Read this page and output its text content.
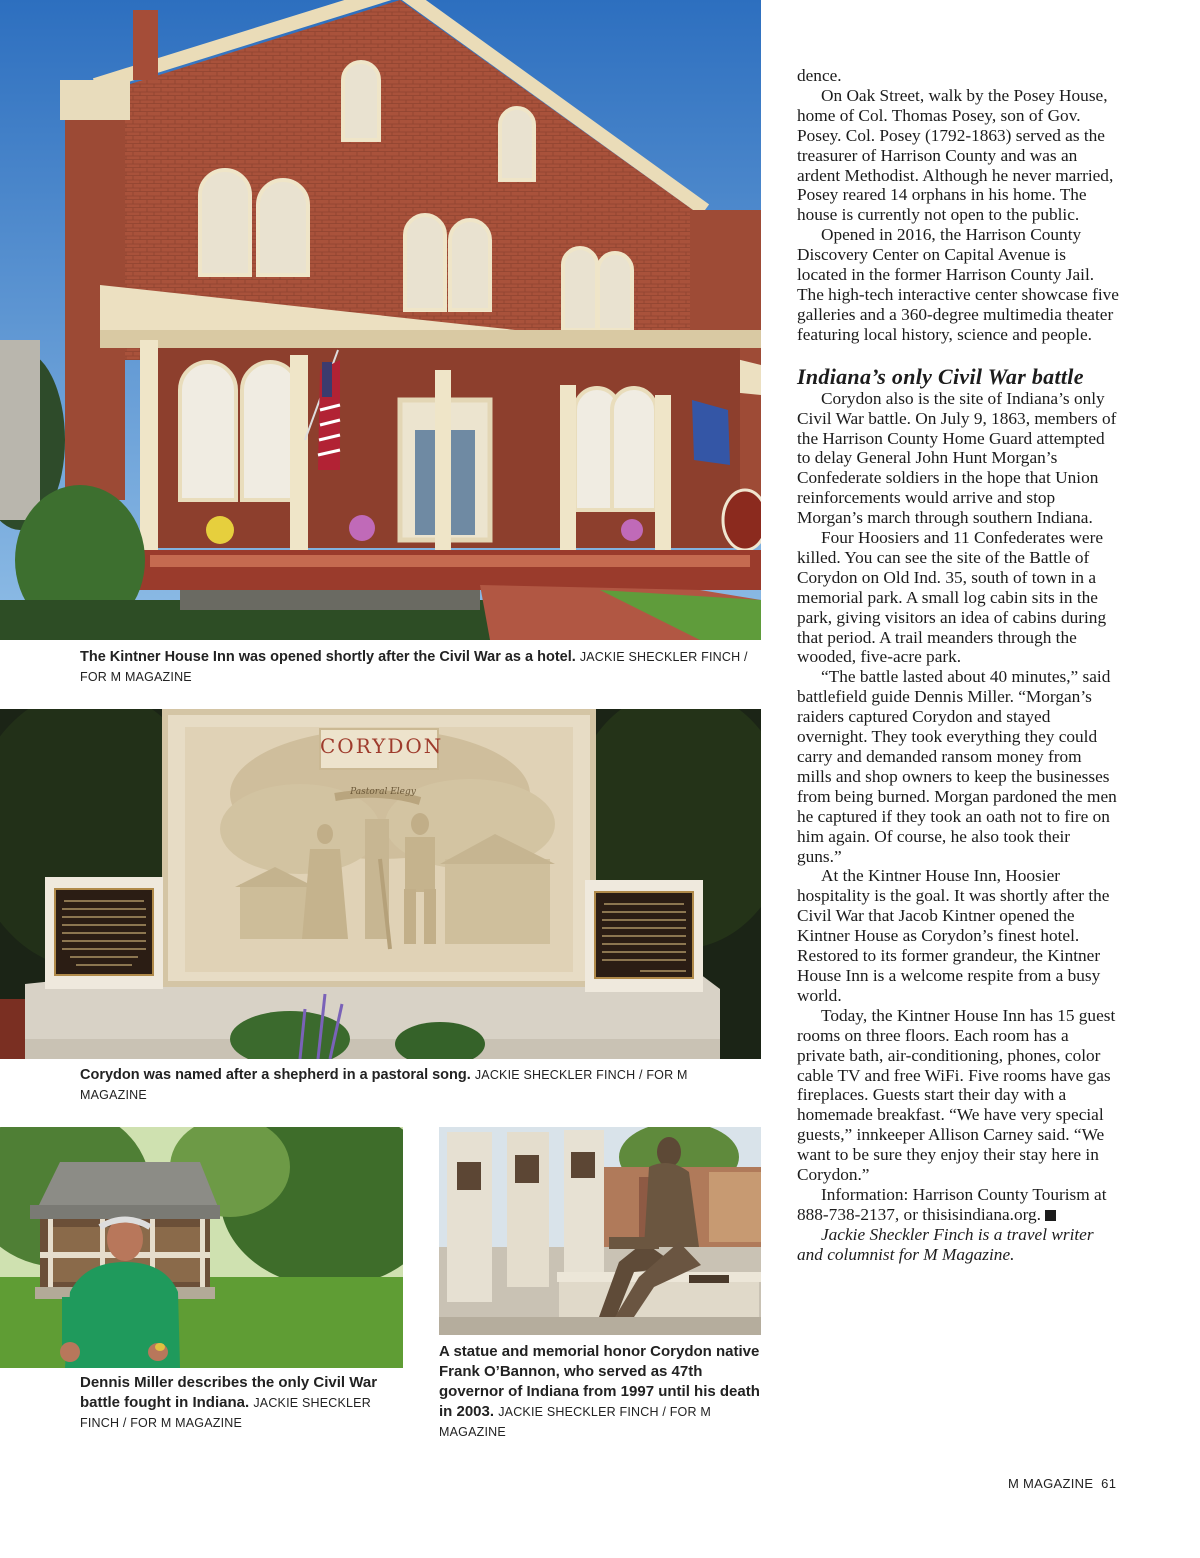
The Kintner House Inn was opened shortly after the Civil War as a hotel. JACKIE SHECKLER FINCH / FOR M MAGAZINE
CORYDON
Pastoral Elegy
Corydon was named after a shepherd in a pastoral song. JACKIE SHECKLER FINCH / FOR M MAGAZINE
Dennis Miller describes the only Civil War battle fought in Indiana. JACKIE SHECKLER FINCH / FOR M MAGAZINE
A statue and memorial honor Corydon native Frank O’Bannon, who served as 47th governor of Indiana from 1997 until his death in 2003. JACKIE SHECKLER FINCH / FOR M MAGAZINE

dence.

On Oak Street, walk by the Posey House, home of Col. Thomas Posey, son of Gov. Posey. Col. Posey (1792-1863) served as the treasurer of Harrison County and was an ardent Methodist. Although he never married, Posey reared 14 orphans in his home. The house is currently not open to the public.

Opened in 2016, the Harrison County Discovery Center on Capital Avenue is located in the former Harrison County Jail. The high-tech interactive center showcase five galleries and a 360-degree multimedia theater featuring local history, science and people.

Indiana’s only Civil War battle

Corydon also is the site of Indiana’s only Civil War battle. On July 9, 1863, members of the Harrison County Home Guard attempted to delay General John Hunt Morgan’s Confederate soldiers in the hope that Union reinforcements would arrive and stop Morgan’s march through southern Indiana.

Four Hoosiers and 11 Confederates were killed. You can see the site of the Battle of Corydon on Old Ind. 35, south of town in a memorial park. A small log cabin sits in the park, giving visitors an idea of cabins during that period. A trail meanders through the wooded, five-acre park.

“The battle lasted about 40 minutes,” said battlefield guide Dennis Miller. “Morgan’s raiders captured Corydon and stayed overnight. They took everything they could carry and demanded ransom money from mills and shop owners to keep the businesses from being burned. Morgan pardoned the men he captured if they took an oath not to fire on him again. Of course, he also took their guns.”

At the Kintner House Inn, Hoosier hospitality is the goal. It was shortly after the Civil War that Jacob Kintner opened the Kintner House as Corydon’s finest hotel. Restored to its former grandeur, the Kintner House Inn is a welcome respite from a busy world.

Today, the Kintner House Inn has 15 guest rooms on three floors. Each room has a private bath, air-conditioning, phones, color cable TV and free WiFi. Five rooms have gas fireplaces. Guests start their day with a homemade breakfast. “We have very special guests,” innkeeper Allison Carney said. “We want to be sure they enjoy their stay here in Corydon.”

Information: Harrison County Tourism at 888-738-2137, or thisisindiana.org.

Jackie Sheckler Finch is a travel writer and columnist for M Magazine.

M MAGAZINE  61
